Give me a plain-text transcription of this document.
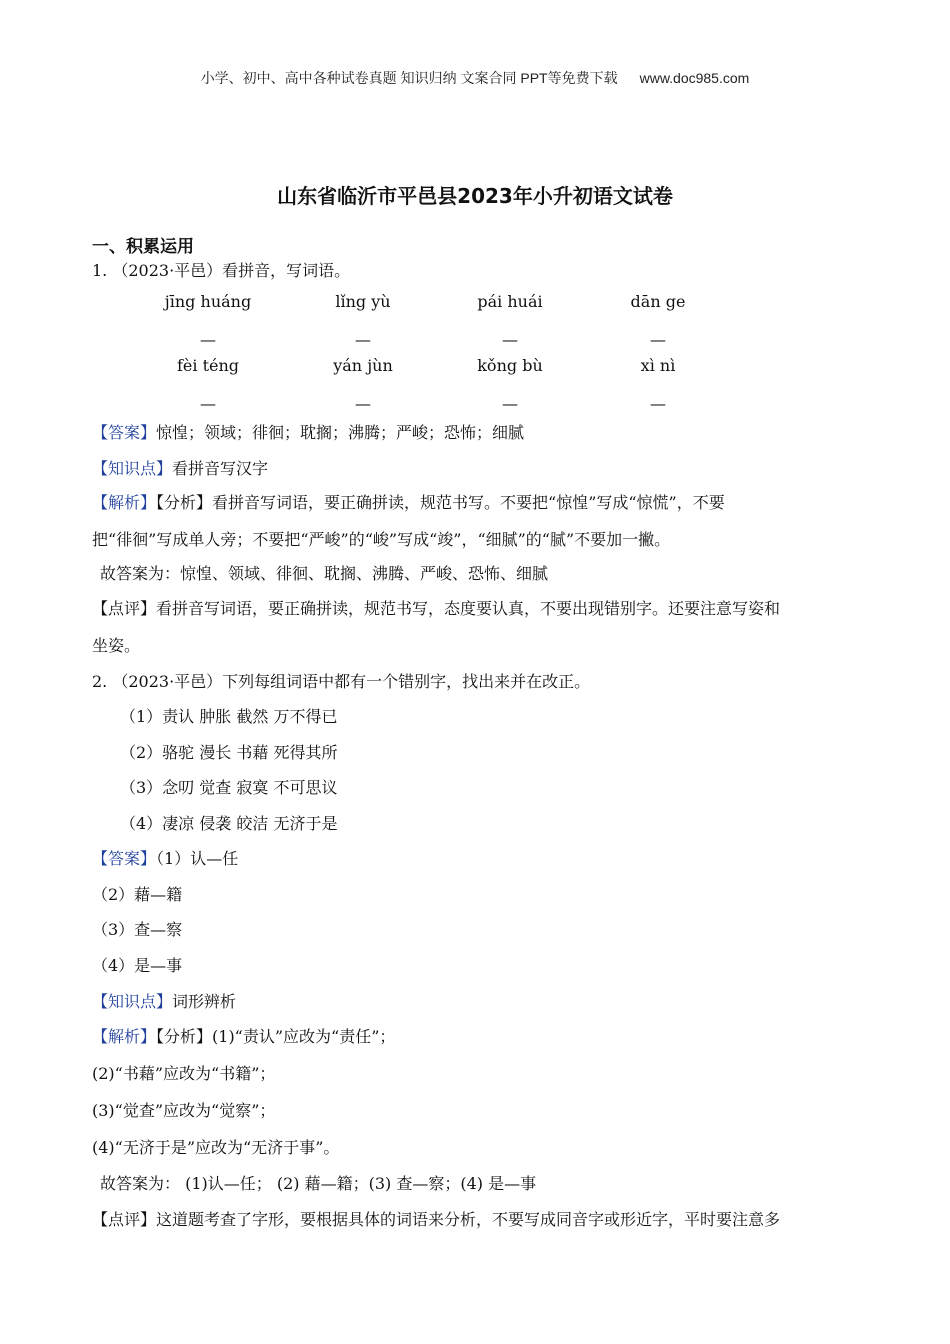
小学、初中、高中各种试卷真题 知识归纳 文案合同 PPT等免费下载 www.doc985.com
山东省临沂市平邑县2023年小升初语文试卷
一、积累运用
1. （2023·平邑）看拼音，写词语。
jīng huáng	lǐng yù	pái huái	dān ge
—	—	—	—
fèi téng	yán jùn	kǒng bù	xì nì
—	—	—	—
【答案】惊惶；领域；徘徊；耽搁；沸腾；严峻；恐怖；细腻
【知识点】看拼音写汉字
【解析】【分析】看拼音写词语，要正确拼读，规范书写。不要把“惊惶”写成“惊慌”，不要
把“徘徊”写成单人旁；不要把“严峻”的“峻”写成“竣”，“细腻”的“腻”不要加一撇。
故答案为：惊惶、领域、徘徊、耽搁、沸腾、严峻、恐怖、细腻
【点评】看拼音写词语，要正确拼读，规范书写，态度要认真，不要出现错别字。还要注意写姿和
坐姿。
2. （2023·平邑）下列每组词语中都有一个错别字，找出来并在改正。
（1）责认 肿胀 截然 万不得已
（2）骆驼 漫长 书藉 死得其所
（3）念叨 觉查 寂寞 不可思议
（4）凄凉 侵袭 皎洁 无济于是
【答案】（1）认—任
（2）藉—籍
（3）查—察
（4）是—事
【知识点】词形辨析
【解析】【分析】(1)“责认”应改为“责任”；
(2)“书藉”应改为“书籍”；
(3)“觉查”应改为“觉察”；
(4)“无济于是”应改为“无济于事”。
故答案为： (1)认—任； (2) 藉—籍；(3) 查—察；(4) 是—事
【点评】这道题考查了字形，要根据具体的词语来分析，不要写成同音字或形近字，平时要注意多
